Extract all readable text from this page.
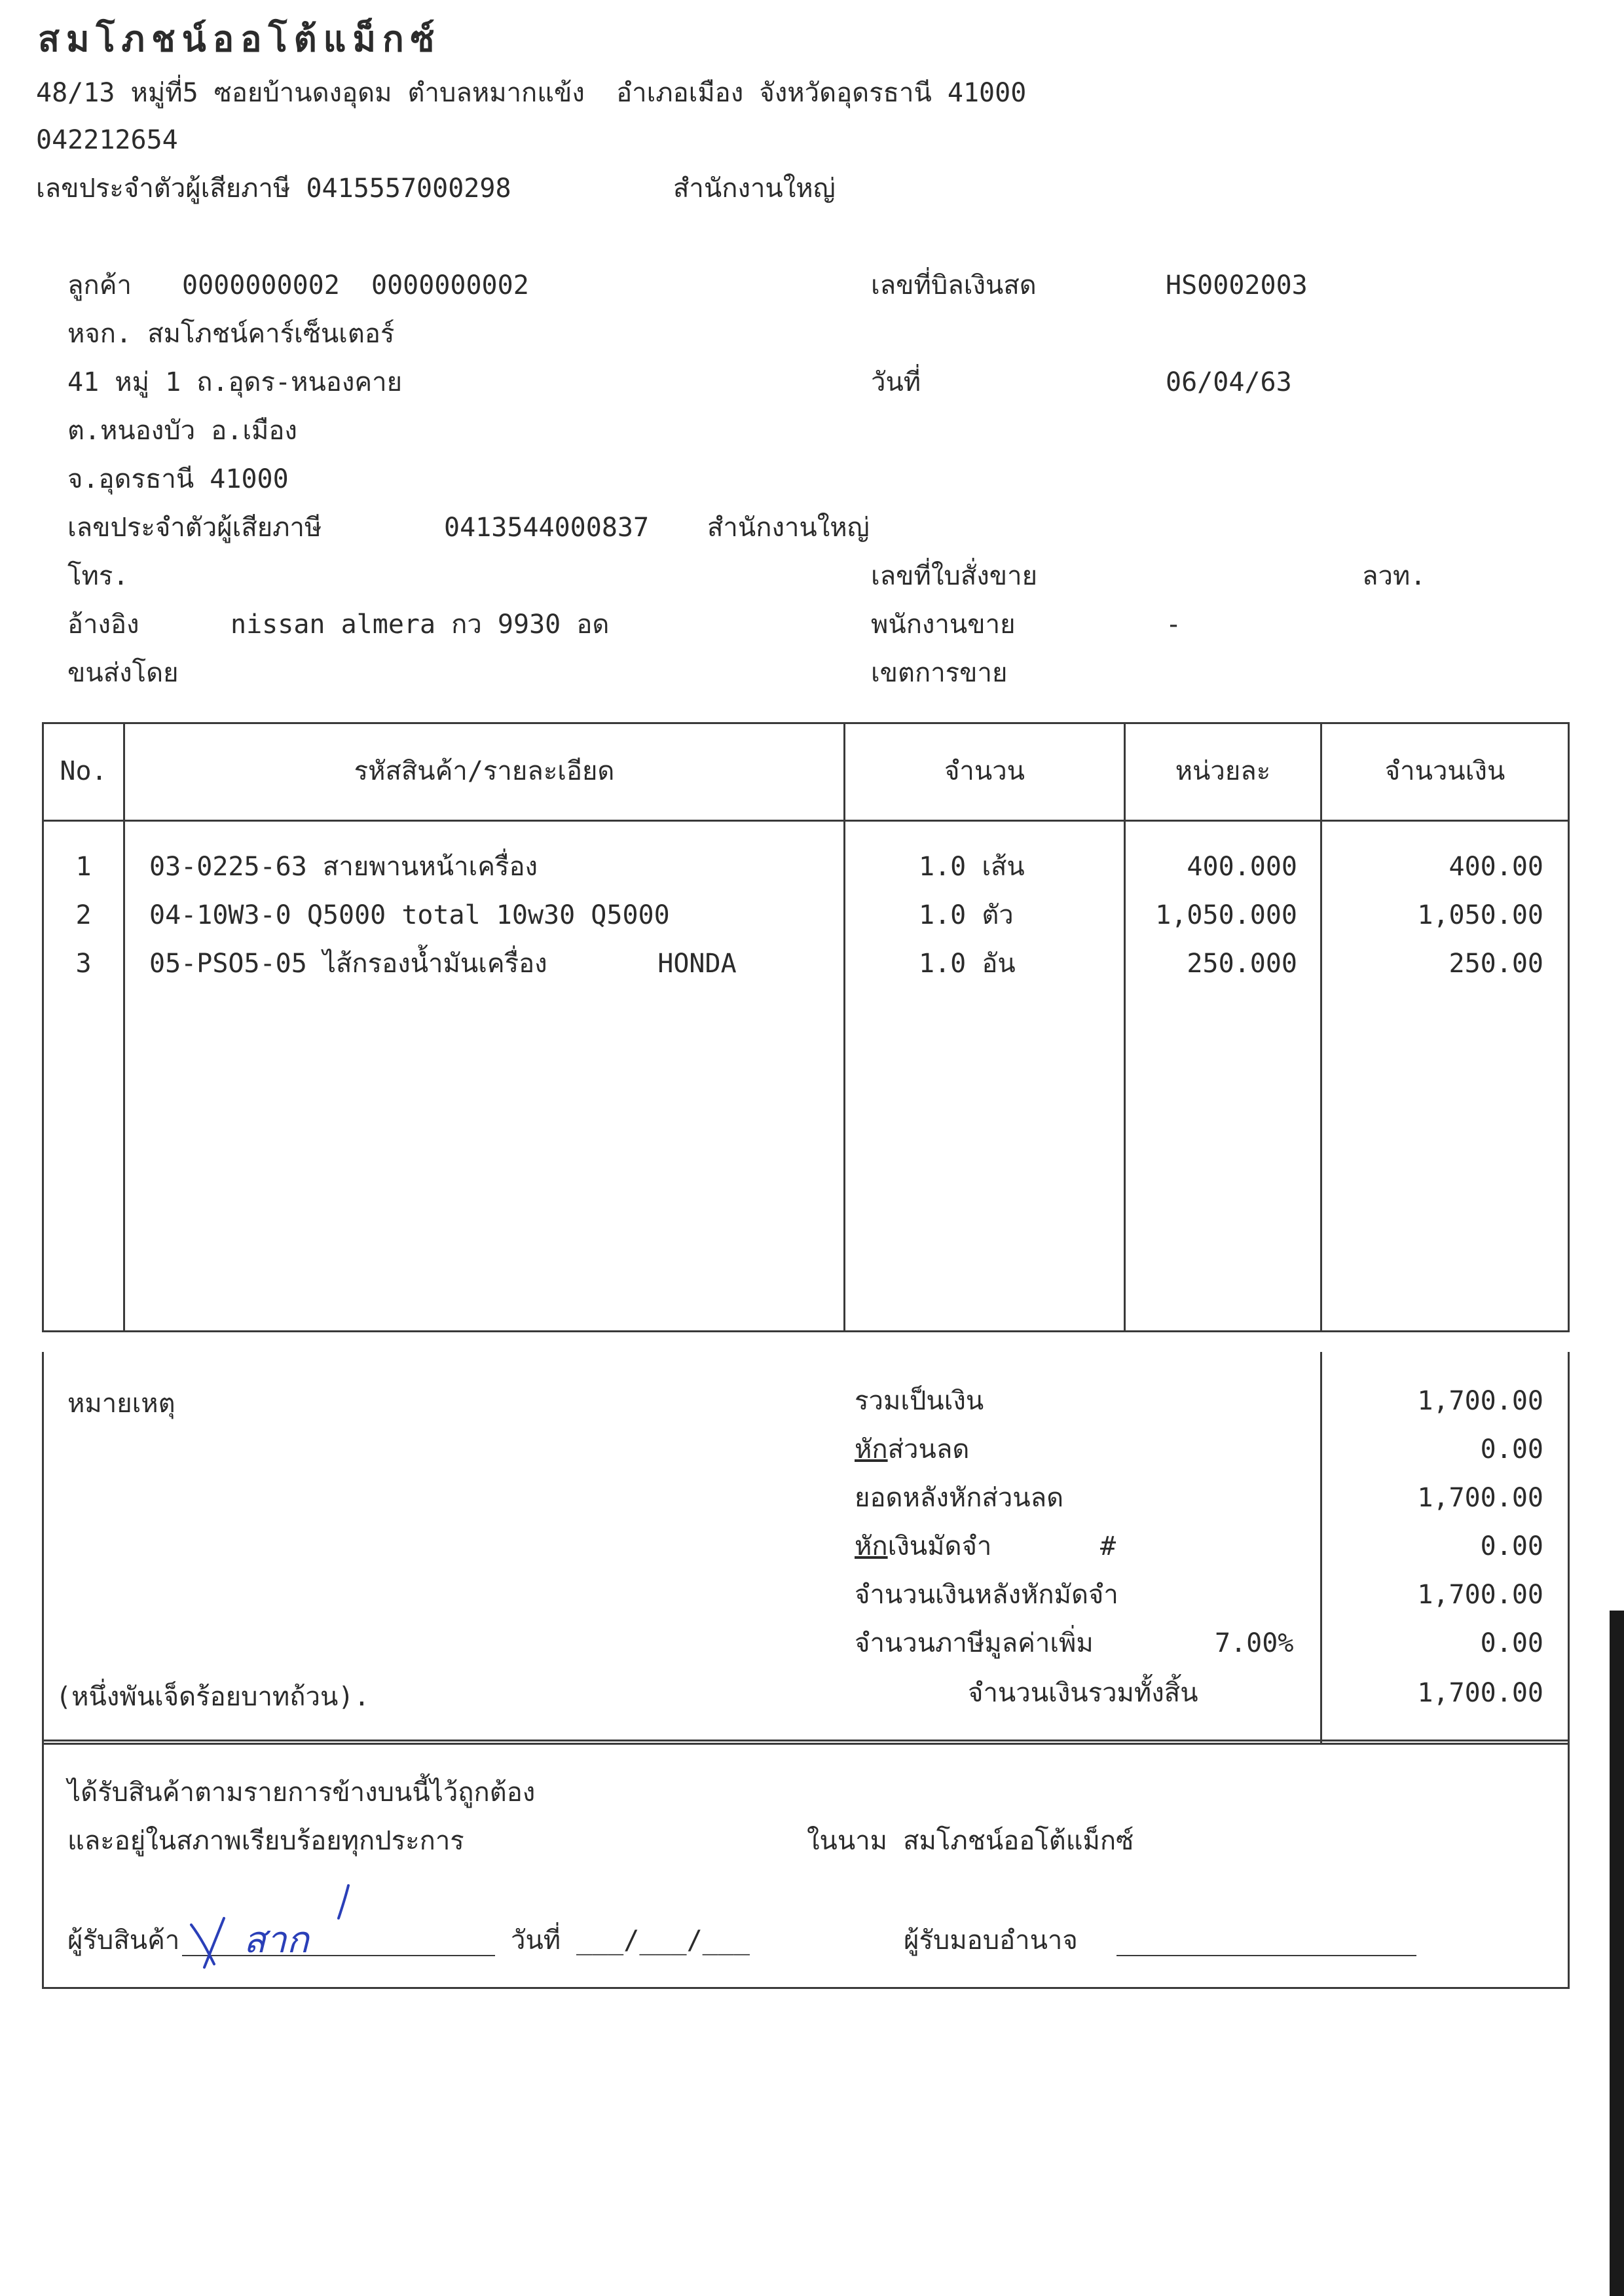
สมโภชน์ออโต้แม็กซ์
48/13 หมู่ที่5 ซอยบ้านดงอุดม ตำบลหมากแข้ง  อำเภอเมือง จังหวัดอุดรธานี 41000
042212654
เลขประจำตัวผู้เสียภาษี 0415557000298	สำนักงานใหญ่
ลูกค้า 0000000002  0000000002
หจก. สมโภชน์คาร์เซ็นเตอร์
41 หมู่ 1 ถ.อุดร-หนองคาย
ต.หนองบัว อ.เมือง
จ.อุดรธานี 41000
เลขประจำตัวผู้เสียภาษี	0413544000837 สำนักงานใหญ่
โทร.
อ้างอิง	nissan almera กว 9930 อด
ขนส่งโดย
เลขที่บิลเงินสด	HS0002003
วันที่	06/04/63
เลขที่ใบสั่งขาย	ลวท.
พนักงานขาย	-
เขตการขาย
No.	รหัสสินค้า/รายละเอียด	จำนวน	หน่วยละ	จำนวนเงิน
1	03-0225-63 สายพานหน้าเครื่อง	1.0 เส้น	400.000	400.00
2	04-10W3-0 Q5000 total 10w30 Q5000	1.0 ตัว	1,050.000	1,050.00
3	05-PSO5-05 ไส้กรองน้ำมันเครื่อง       HONDA	1.0 อัน	250.000	250.00
หมายเหตุ	รวมเป็นเงิน	1,700.00
หักส่วนลด	0.00
ยอดหลังหักส่วนลด	1,700.00
หักเงินมัดจำ	#	0.00
จำนวนเงินหลังหักมัดจำ	1,700.00
จำนวนภาษีมูลค่าเพิ่ม	7.00%	0.00
(หนึ่งพันเจ็ดร้อยบาทถ้วน).	จำนวนเงินรวมทั้งสิ้น	1,700.00
ได้รับสินค้าตามรายการข้างบนนี้ไว้ถูกต้อง
และอยู่ในสภาพเรียบร้อยทุกประการ	ในนาม สมโภชน์ออโต้แม็กซ์
ผู้รับสินค้า สาก	วันที่ ___/___/___	ผู้รับมอบอำนาจ
